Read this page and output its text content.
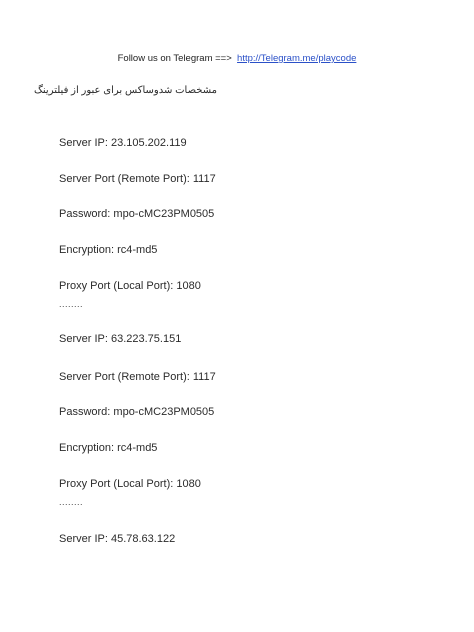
Follow us on Telegram ==> http://Telegram.me/playcode
مشخصات شدوساکس برای عبور از فیلترینگ
Server IP: 23.105.202.119
Server Port (Remote Port): 1117
Password: mpo-cMC23PM0505
Encryption: rc4-md5
Proxy Port (Local Port): 1080
........
Server IP: 63.223.75.151
Server Port (Remote Port): 1117
Password: mpo-cMC23PM0505
Encryption: rc4-md5
Proxy Port (Local Port): 1080
........
Server IP: 45.78.63.122
